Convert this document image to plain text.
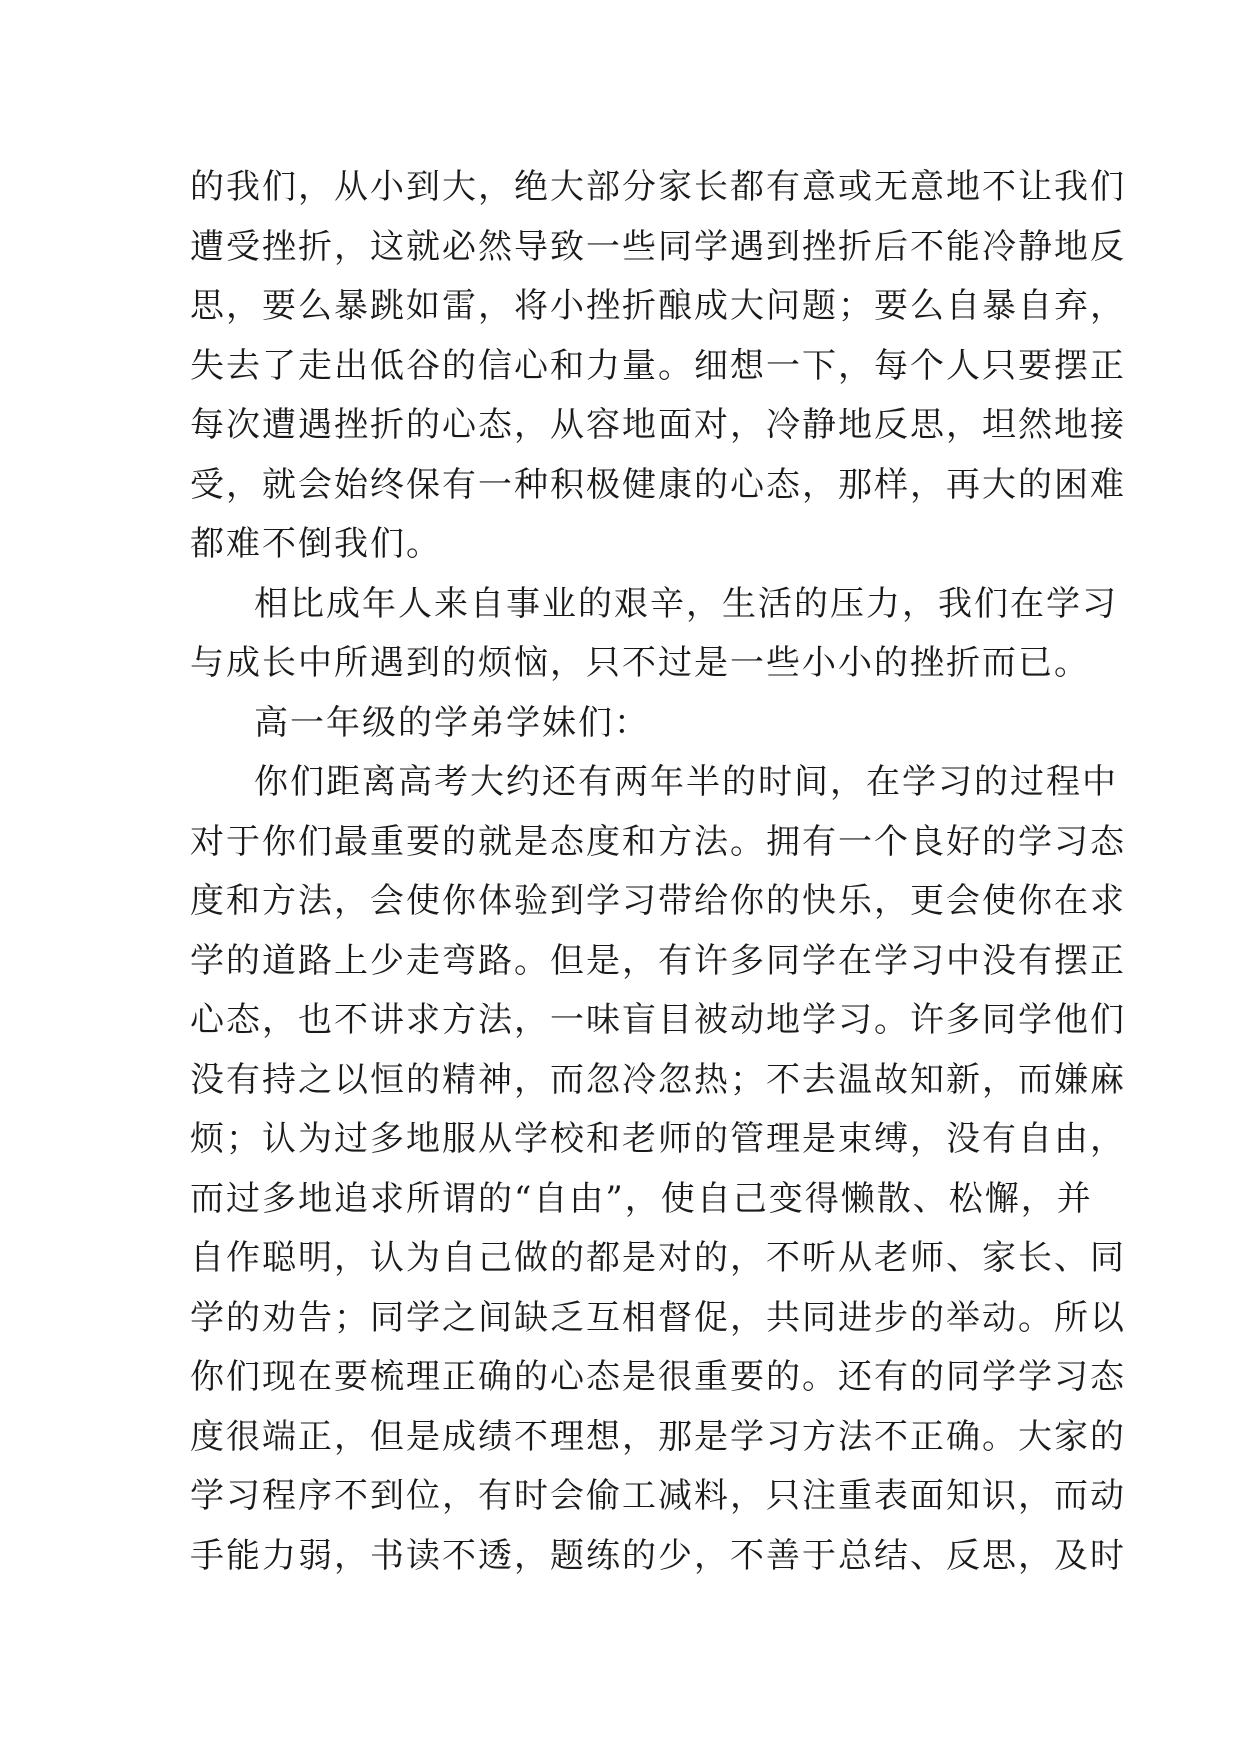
的我们，从小到大，绝大部分家长都有意或无意地不让我们
遭受挫折，这就必然导致一些同学遇到挫折后不能冷静地反
思，要么暴跳如雷，将小挫折酿成大问题；要么自暴自弃，
失去了走出低谷的信心和力量。细想一下，每个人只要摆正
每次遭遇挫折的心态，从容地面对，冷静地反思，坦然地接
受，就会始终保有一种积极健康的心态，那样，再大的困难
都难不倒我们。
相比成年人来自事业的艰辛，生活的压力，我们在学习
与成长中所遇到的烦恼，只不过是一些小小的挫折而已。
高一年级的学弟学妹们：
你们距离高考大约还有两年半的时间，在学习的过程中
对于你们最重要的就是态度和方法。拥有一个良好的学习态
度和方法，会使你体验到学习带给你的快乐，更会使你在求
学的道路上少走弯路。但是，有许多同学在学习中没有摆正
心态，也不讲求方法，一味盲目被动地学习。许多同学他们
没有持之以恒的精神，而忽冷忽热；不去温故知新，而嫌麻
烦；认为过多地服从学校和老师的管理是束缚，没有自由，
而过多地追求所谓的“自由”，使自己变得懒散、松懈，并
自作聪明，认为自己做的都是对的，不听从老师、家长、同
学的劝告；同学之间缺乏互相督促，共同进步的举动。所以
你们现在要梳理正确的心态是很重要的。还有的同学学习态
度很端正，但是成绩不理想，那是学习方法不正确。大家的
学习程序不到位，有时会偷工减料，只注重表面知识，而动
手能力弱，书读不透，题练的少，不善于总结、反思，及时
